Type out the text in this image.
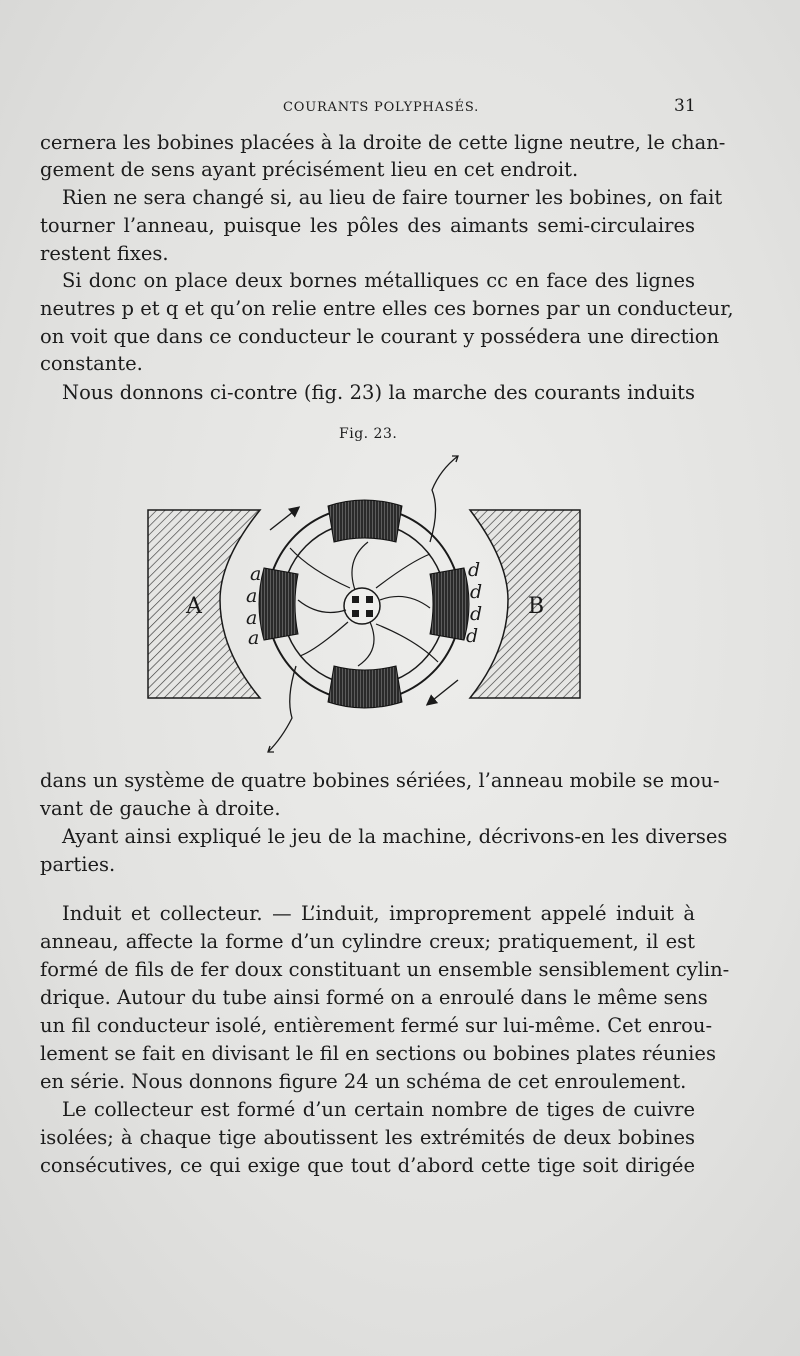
COURANTS POLYPHASÉS.	31
cernera les bobines placées à la droite de cette ligne neutre, le chan-
gement de sens ayant précisément lieu en cet endroit.
Rien ne sera changé si, au lieu de faire tourner les bobines, on fait
tourner l’anneau, puisque les pôles des aimants semi-circulaires
restent fixes.
Si donc on place deux bornes métalliques cc en face des lignes
neutres p et q et qu’on relie entre elles ces bornes par un conducteur,
on voit que dans ce conducteur le courant y possédera une direction
constante.
Nous donnons ci-contre (fig. 23) la marche des courants induits
Fig. 23.
A	B
a
a
a
a
d
d
d
d
dans un système de quatre bobines sériées, l’anneau mobile se mou-
vant de gauche à droite.
Ayant ainsi expliqué le jeu de la machine, décrivons-en les diverses
parties.
Induit et collecteur. — L’induit, improprement appelé induit à
anneau, affecte la forme d’un cylindre creux; pratiquement, il est
formé de fils de fer doux constituant un ensemble sensiblement cylin-
drique. Autour du tube ainsi formé on a enroulé dans le même sens
un fil conducteur isolé, entièrement fermé sur lui-même. Cet enrou-
lement se fait en divisant le fil en sections ou bobines plates réunies
en série. Nous donnons figure 24 un schéma de cet enroulement.
Le collecteur est formé d’un certain nombre de tiges de cuivre
isolées; à chaque tige aboutissent les extrémités de deux bobines
consécutives, ce qui exige que tout d’abord cette tige soit dirigée
